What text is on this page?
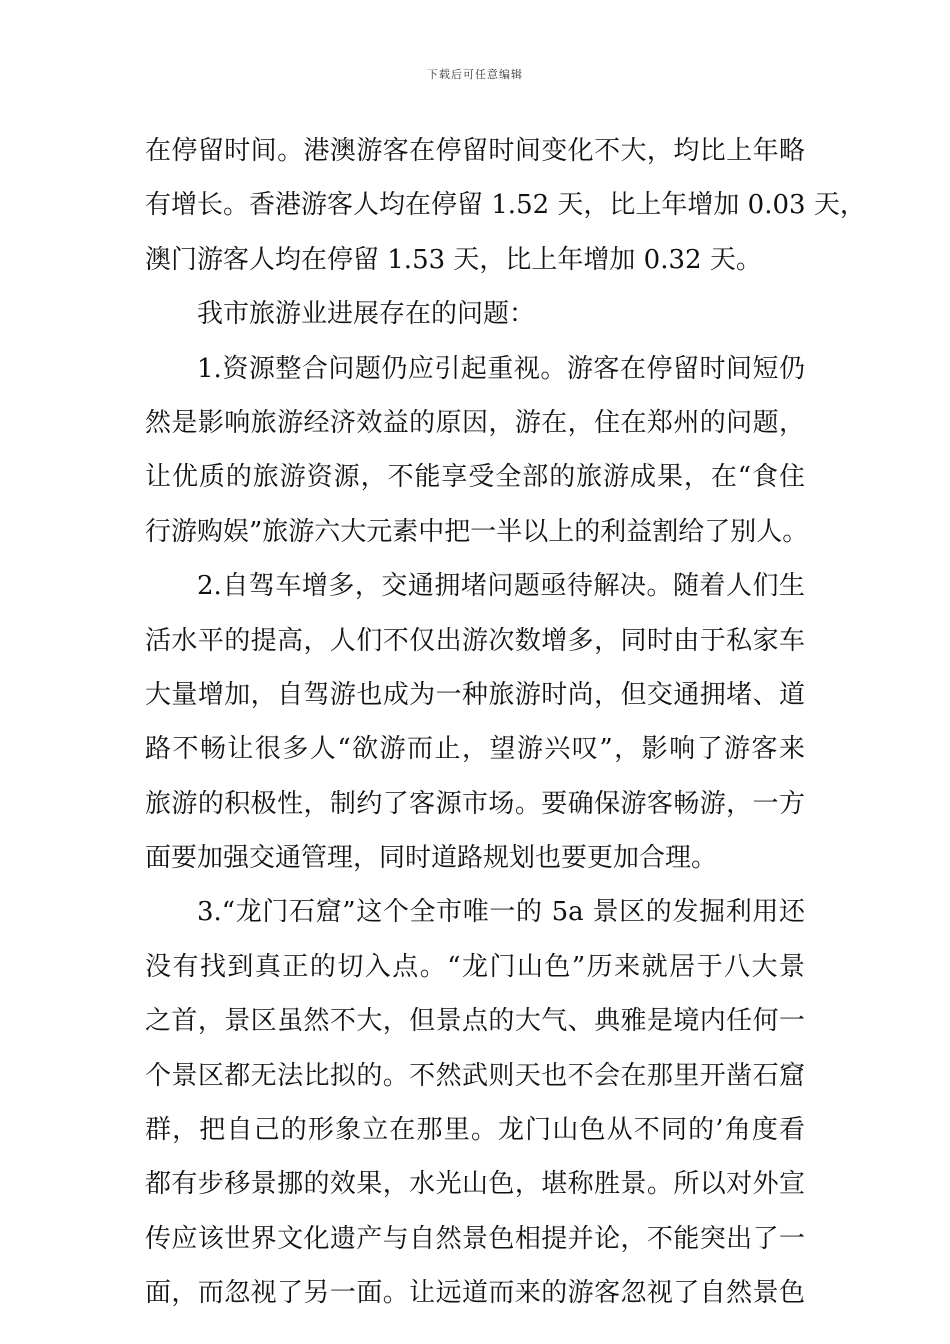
下载后可任意编辑
在停留时间。港澳游客在停留时间变化不大，均比上年略
有增长。香港游客人均在停留 1.52 天，比上年增加 0.03 天，
澳门游客人均在停留 1.53 天，比上年增加 0.32 天。
我市旅游业进展存在的问题：
1.资源整合问题仍应引起重视。游客在停留时间短仍
然是影响旅游经济效益的原因，游在，住在郑州的问题，
让优质的旅游资源，不能享受全部的旅游成果，在“食住
行游购娱”旅游六大元素中把一半以上的利益割给了别人。
2.自驾车增多，交通拥堵问题亟待解决。随着人们生
活水平的提高，人们不仅出游次数增多，同时由于私家车
大量增加，自驾游也成为一种旅游时尚，但交通拥堵、道
路不畅让很多人“欲游而止，望游兴叹”，影响了游客来
旅游的积极性，制约了客源市场。要确保游客畅游，一方
面要加强交通管理，同时道路规划也要更加合理。
3.“龙门石窟”这个全市唯一的 5a 景区的发掘利用还
没有找到真正的切入点。“龙门山色”历来就居于八大景
之首，景区虽然不大，但景点的大气、典雅是境内任何一
个景区都无法比拟的。不然武则天也不会在那里开凿石窟
群，把自己的形象立在那里。龙门山色从不同的’角度看
都有步移景挪的效果，水光山色，堪称胜景。所以对外宣
传应该世界文化遗产与自然景色相提并论，不能突出了一
面，而忽视了另一面。让远道而来的游客忽视了自然景色
